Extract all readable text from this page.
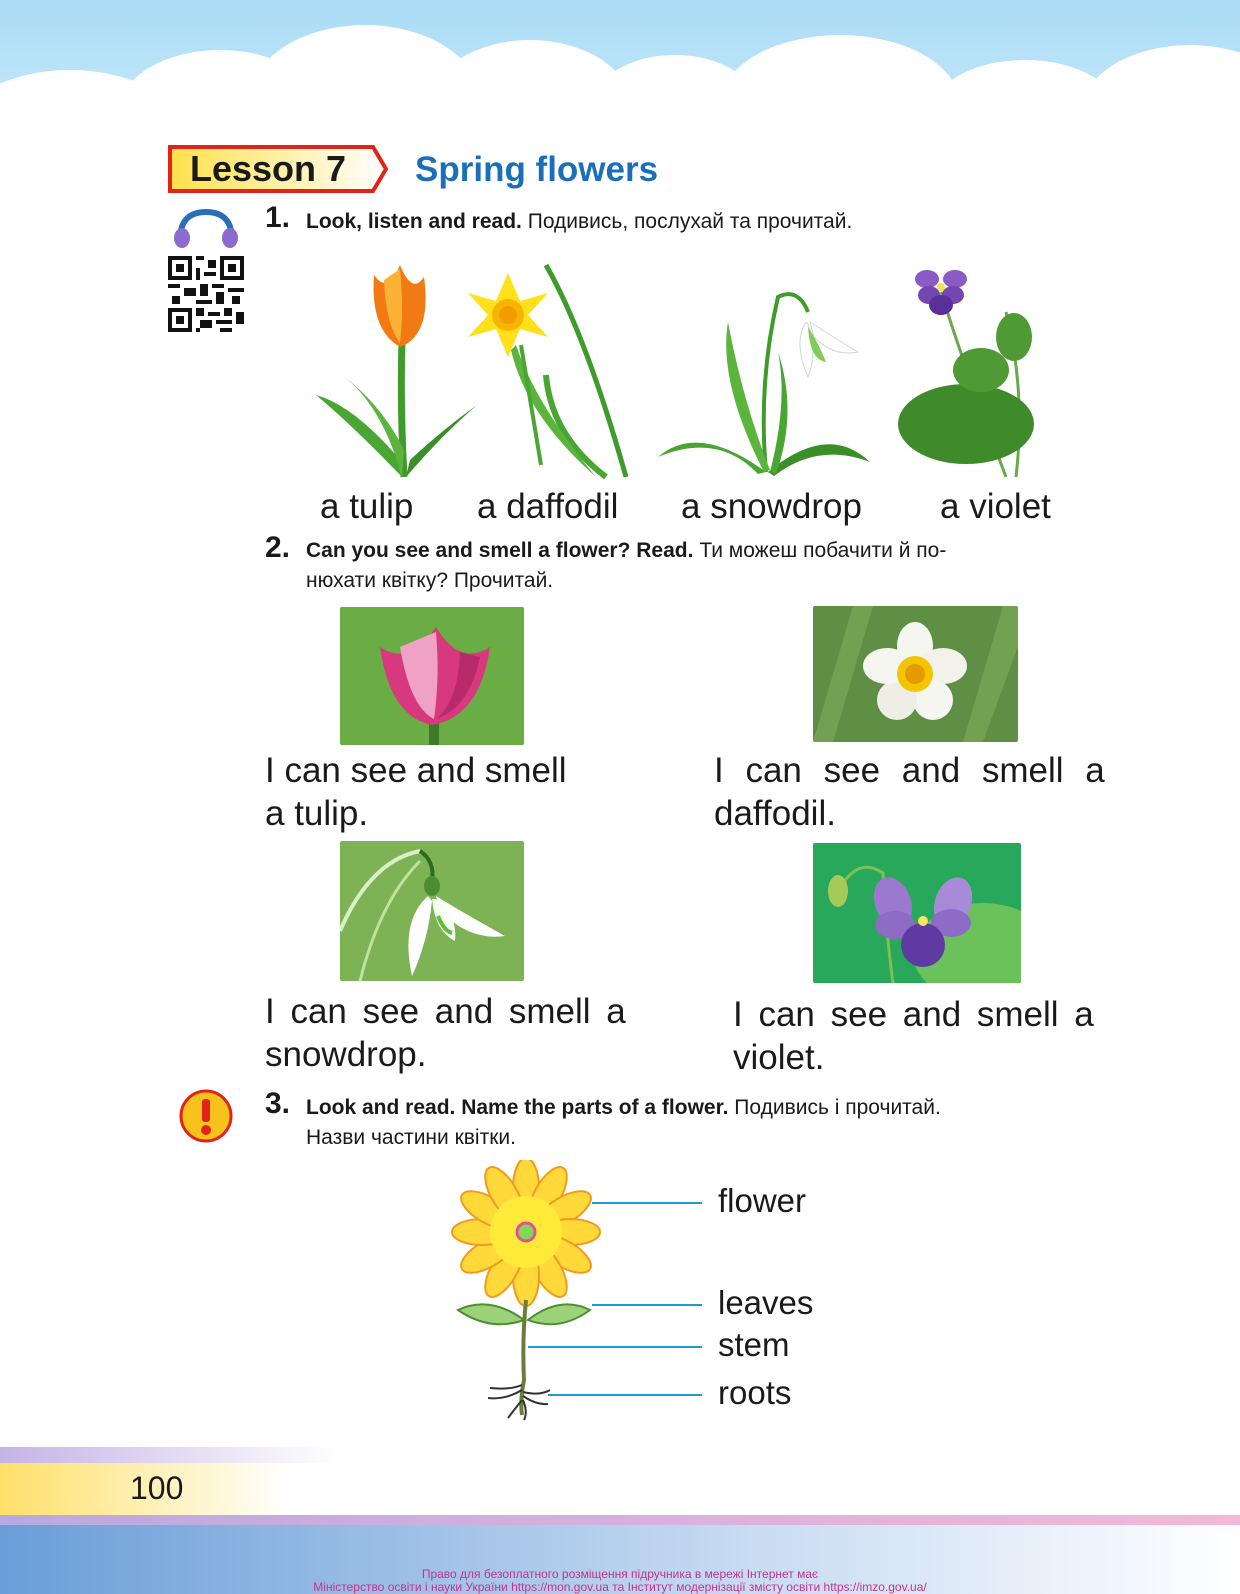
Lesson 7 Spring flowers
1. Look, listen and read. Подивись, послухай та прочитай.
a tulip a daffodil a snowdrop a violet
2. Can you see and smell a flower? Read. Ти можеш побачити й по-
нюхати квітку? Прочитай.
I can see and smell
a tulip.
I can see and smell a
daffodil.
I can see and smell a
snowdrop.
I can see and smell a
violet.
3. Look and read. Name the parts of a flower. Подивись і прочитай.
Назви частини квітки.
flower
leaves
stem
roots
100
Право для безоплатного розміщення підручника в мережі Інтернет має
Міністерство освіти і науки України https://mon.gov.ua та Інститут модернізації змісту освіти https://imzo.gov.ua/
